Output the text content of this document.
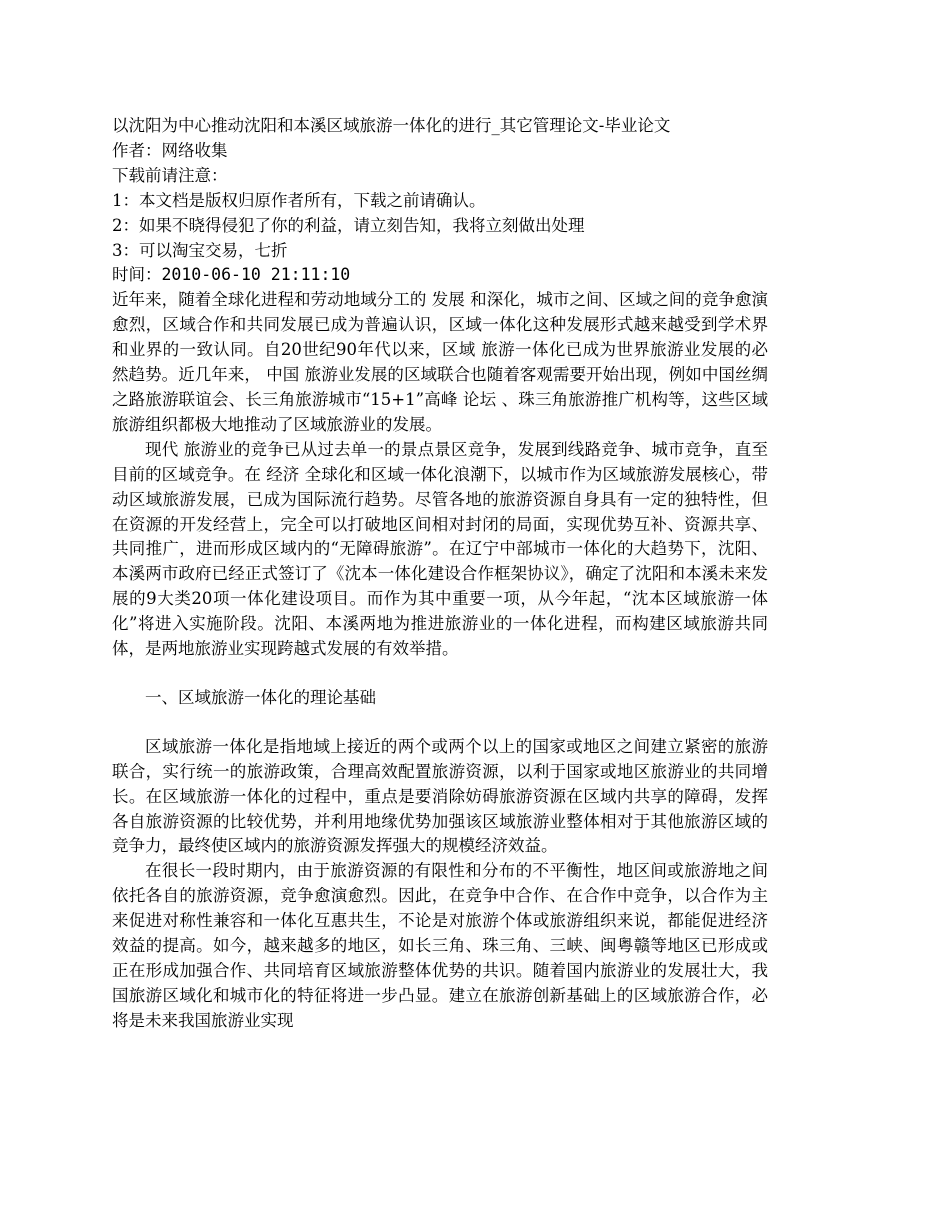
以沈阳为中心推动沈阳和本溪区域旅游一体化的进行_其它管理论文-毕业论文

作者：网络收集

下载前请注意：

1：本文档是版权归原作者所有，下载之前请确认。

2：如果不晓得侵犯了你的利益，请立刻告知，我将立刻做出处理

3：可以淘宝交易，七折

时间：2010-06-10 21:11:10

近年来，随着全球化进程和劳动地域分工的 发展 和深化，城市之间、区域之间的竞争愈演愈烈，区域合作和共同发展已成为普遍认识，区域一体化这种发展形式越来越受到学术界和业界的一致认同。自20世纪90年代以来，区域 旅游一体化已成为世界旅游业发展的必然趋势。近几年来， 中国 旅游业发展的区域联合也随着客观需要开始出现，例如中国丝绸之路旅游联谊会、长三角旅游城市“15+1”高峰 论坛 、珠三角旅游推广机构等，这些区域旅游组织都极大地推动了区域旅游业的发展。

现代 旅游业的竞争已从过去单一的景点景区竞争，发展到线路竞争、城市竞争，直至目前的区域竞争。在 经济 全球化和区域一体化浪潮下，以城市作为区域旅游发展核心，带动区域旅游发展，已成为国际流行趋势。尽管各地的旅游资源自身具有一定的独特性，但在资源的开发经营上，完全可以打破地区间相对封闭的局面，实现优势互补、资源共享、共同推广，进而形成区域内的“无障碍旅游”。在辽宁中部城市一体化的大趋势下，沈阳、本溪两市政府已经正式签订了《沈本一体化建设合作框架协议》，确定了沈阳和本溪未来发展的9大类20项一体化建设项目。而作为其中重要一项，从今年起，“沈本区域旅游一体化”将进入实施阶段。沈阳、本溪两地为推进旅游业的一体化进程，而构建区域旅游共同体，是两地旅游业实现跨越式发展的有效举措。

一、区域旅游一体化的理论基础

区域旅游一体化是指地域上接近的两个或两个以上的国家或地区之间建立紧密的旅游联合，实行统一的旅游政策，合理高效配置旅游资源，以利于国家或地区旅游业的共同增长。在区域旅游一体化的过程中，重点是要消除妨碍旅游资源在区域内共享的障碍，发挥各自旅游资源的比较优势，并利用地缘优势加强该区域旅游业整体相对于其他旅游区域的竞争力，最终使区域内的旅游资源发挥强大的规模经济效益。

在很长一段时期内，由于旅游资源的有限性和分布的不平衡性，地区间或旅游地之间依托各自的旅游资源，竞争愈演愈烈。因此，在竞争中合作、在合作中竞争，以合作为主来促进对称性兼容和一体化互惠共生，不论是对旅游个体或旅游组织来说，都能促进经济效益的提高。如今，越来越多的地区，如长三角、珠三角、三峡、闽粤赣等地区已形成或正在形成加强合作、共同培育区域旅游整体优势的共识。随着国内旅游业的发展壮大，我国旅游区域化和城市化的特征将进一步凸显。建立在旅游创新基础上的区域旅游合作，必将是未来我国旅游业实现
